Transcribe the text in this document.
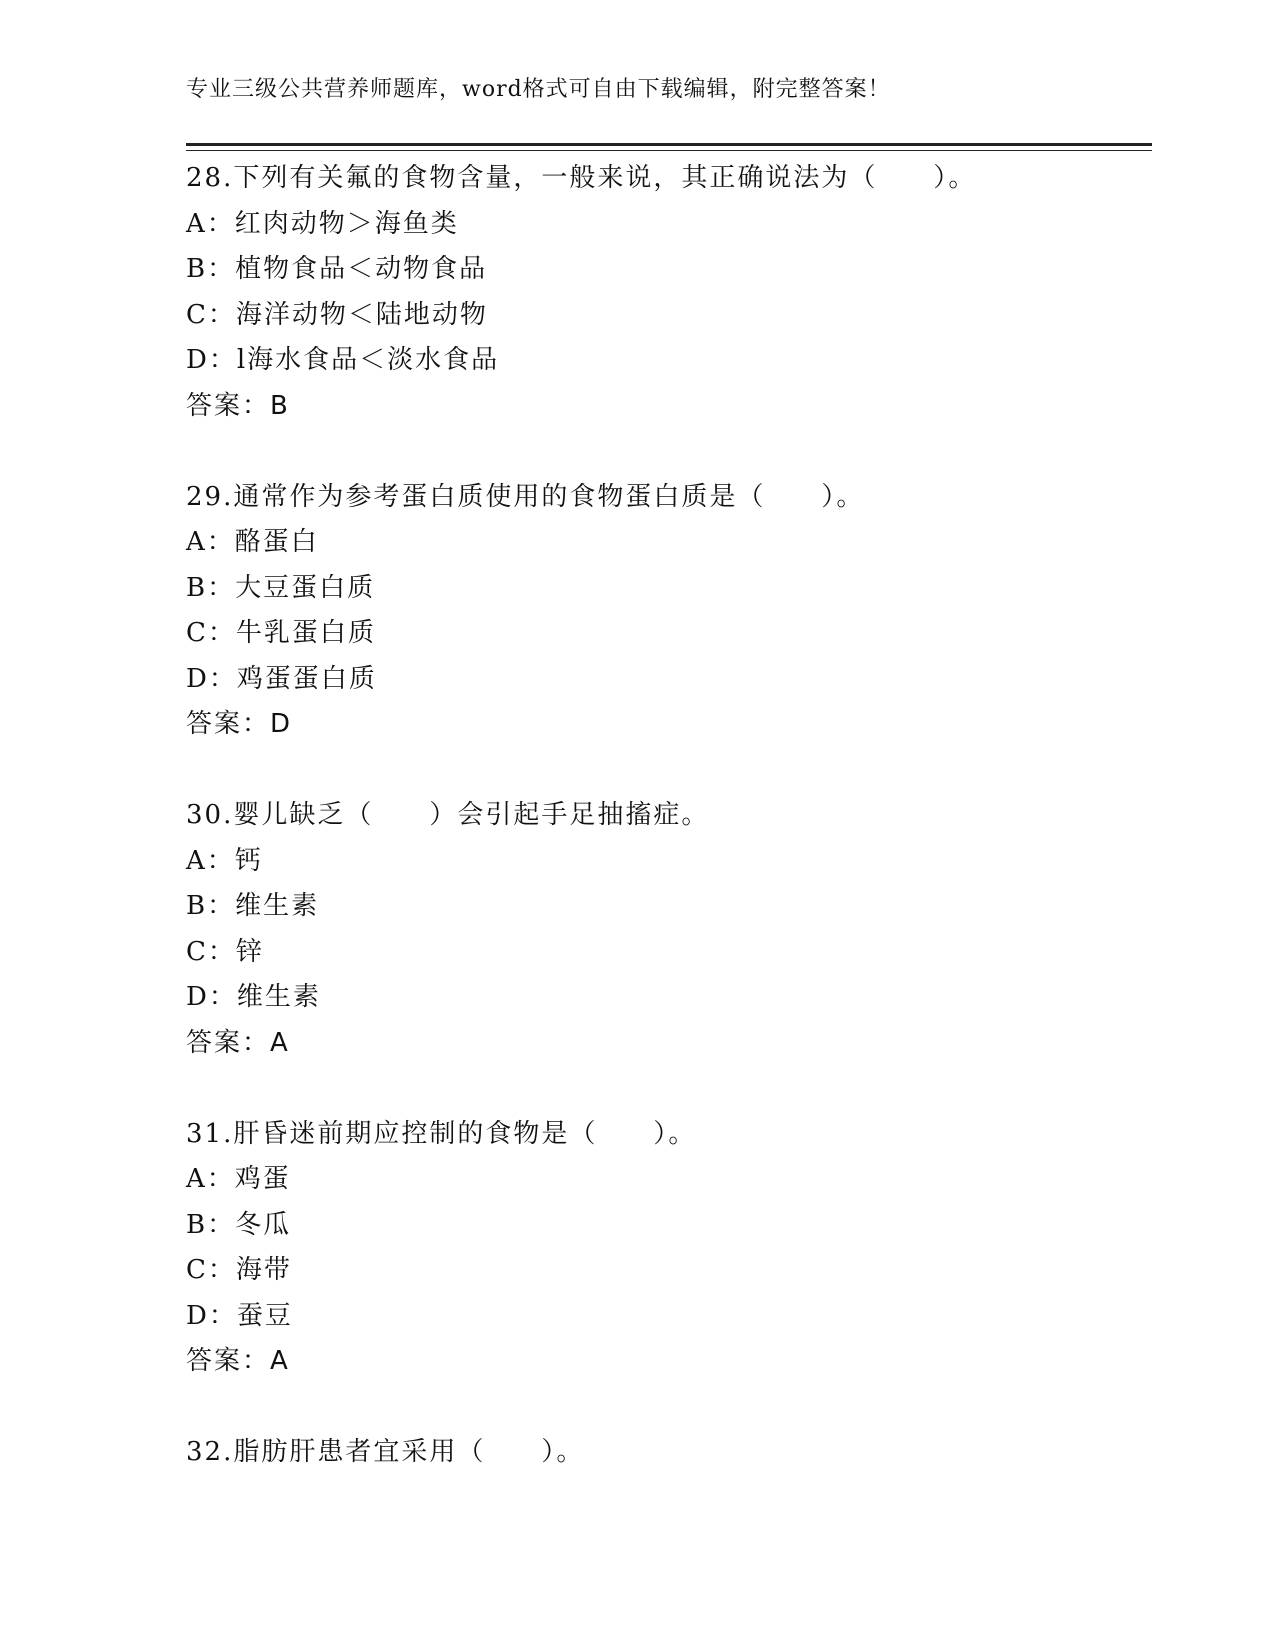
专业三级公共营养师题库，word格式可自由下载编辑，附完整答案！
28.下列有关氟的食物含量，一般来说，其正确说法为（　　）。
A：红肉动物＞海鱼类
B：植物食品＜动物食品
C：海洋动物＜陆地动物
D：l海水食品＜淡水食品
答案：B
29.通常作为参考蛋白质使用的食物蛋白质是（　　）。
A：酪蛋白
B：大豆蛋白质
C：牛乳蛋白质
D：鸡蛋蛋白质
答案：D
30.婴儿缺乏（　　）会引起手足抽搐症。
A：钙
B：维生素
C：锌
D：维生素
答案：A
31.肝昏迷前期应控制的食物是（　　）。
A：鸡蛋
B：冬瓜
C：海带
D：蚕豆
答案：A
32.脂肪肝患者宜采用（　　）。
